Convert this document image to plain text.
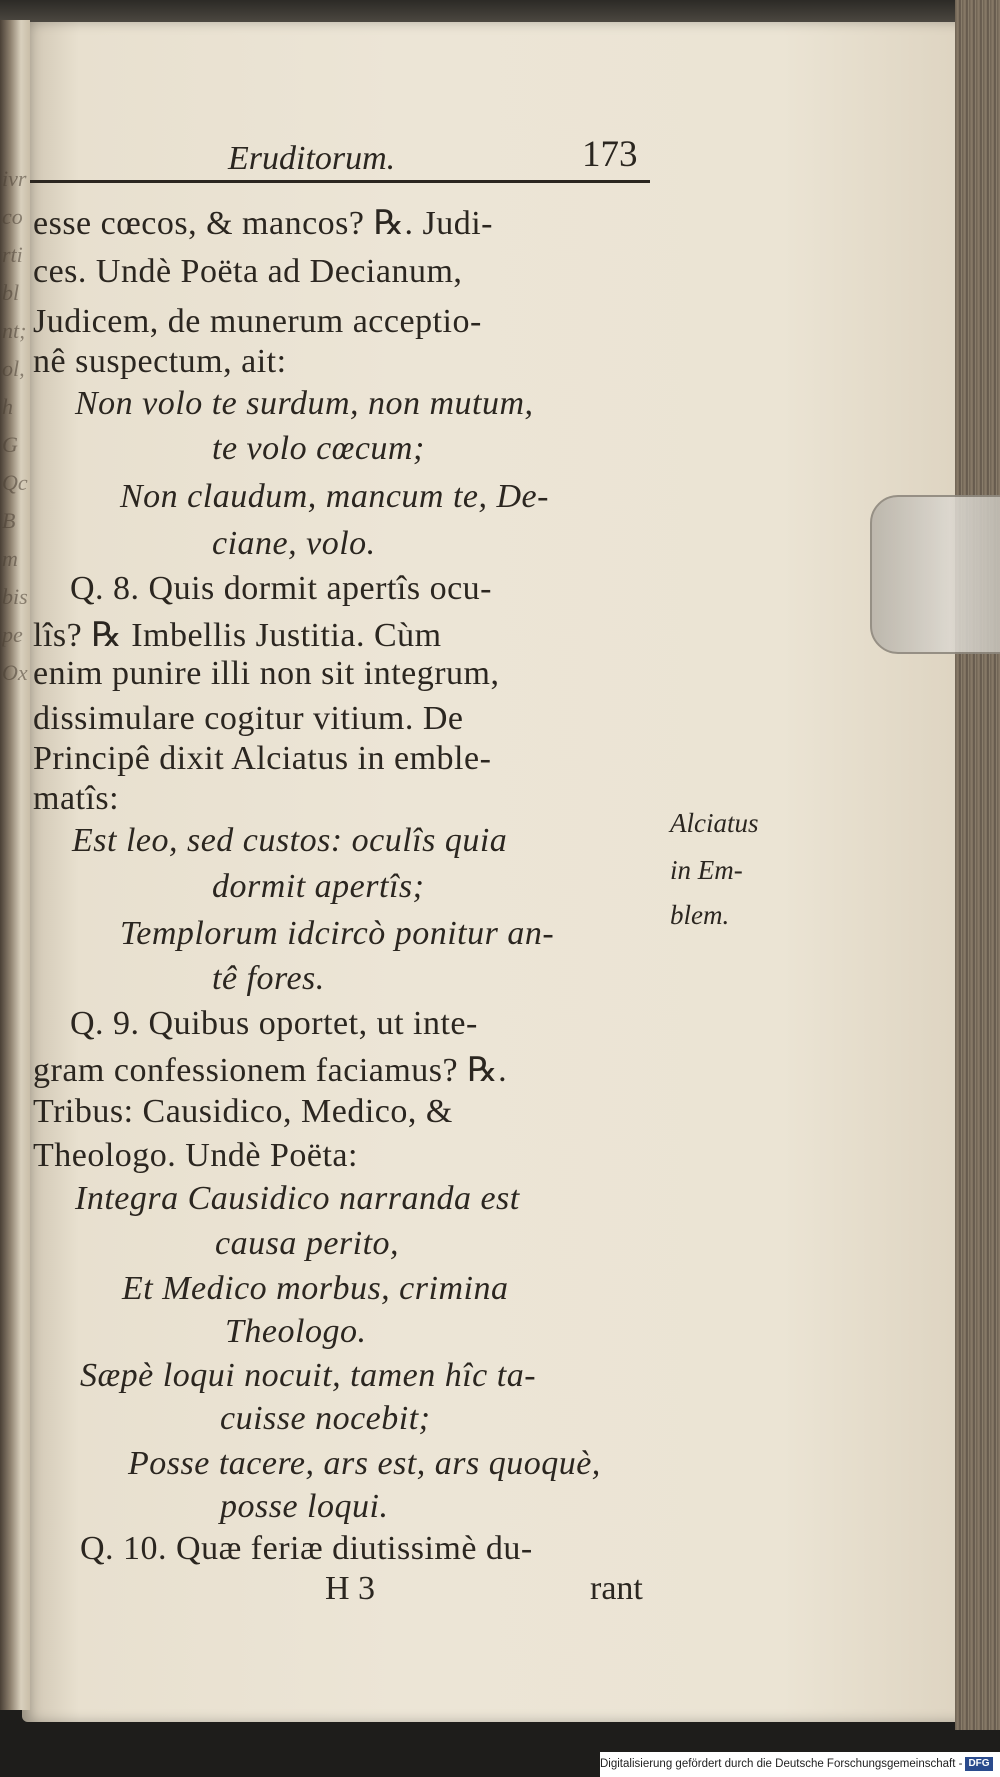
ivrcortiblnt;ol,hGQcBmbispeOx
Eruditorum.	173
esse cœcos, & mancos? ℞. Judi-
ces. Undè Poëta ad Decianum,
Judicem, de munerum acceptio-
nê suspectum, ait:
Non volo te surdum, non mutum,
te volo cœcum;
Non claudum, mancum te, De-
ciane, volo.
Q. 8. Quis dormit apertîs ocu-
lîs? ℞ Imbellis Justitia. Cùm
enim punire illi non sit integrum,
dissimulare cogitur vitium. De
Principê dixit Alciatus in emble-
matîs:
Est leo, sed custos: oculîs quia
dormit apertîs;
Templorum idcircò ponitur an-
tê fores.
Q. 9. Quibus oportet, ut inte-
gram confessionem faciamus? ℞.
Tribus: Causidico, Medico, &
Theologo. Undè Poëta:
Integra Causidico narranda est
causa perito,
Et Medico morbus, crimina
Theologo.
Sæpè loqui nocuit, tamen hîc ta-
cuisse nocebit;
Posse tacere, ars est, ars quoquè,
posse loqui.
Q. 10. Quæ feriæ diutissimè du-
Alciatus
in Em-
blem.
H 3	rant
Digitalisierung gefördert durch die Deutsche Forschungsgemeinschaft - DFG
